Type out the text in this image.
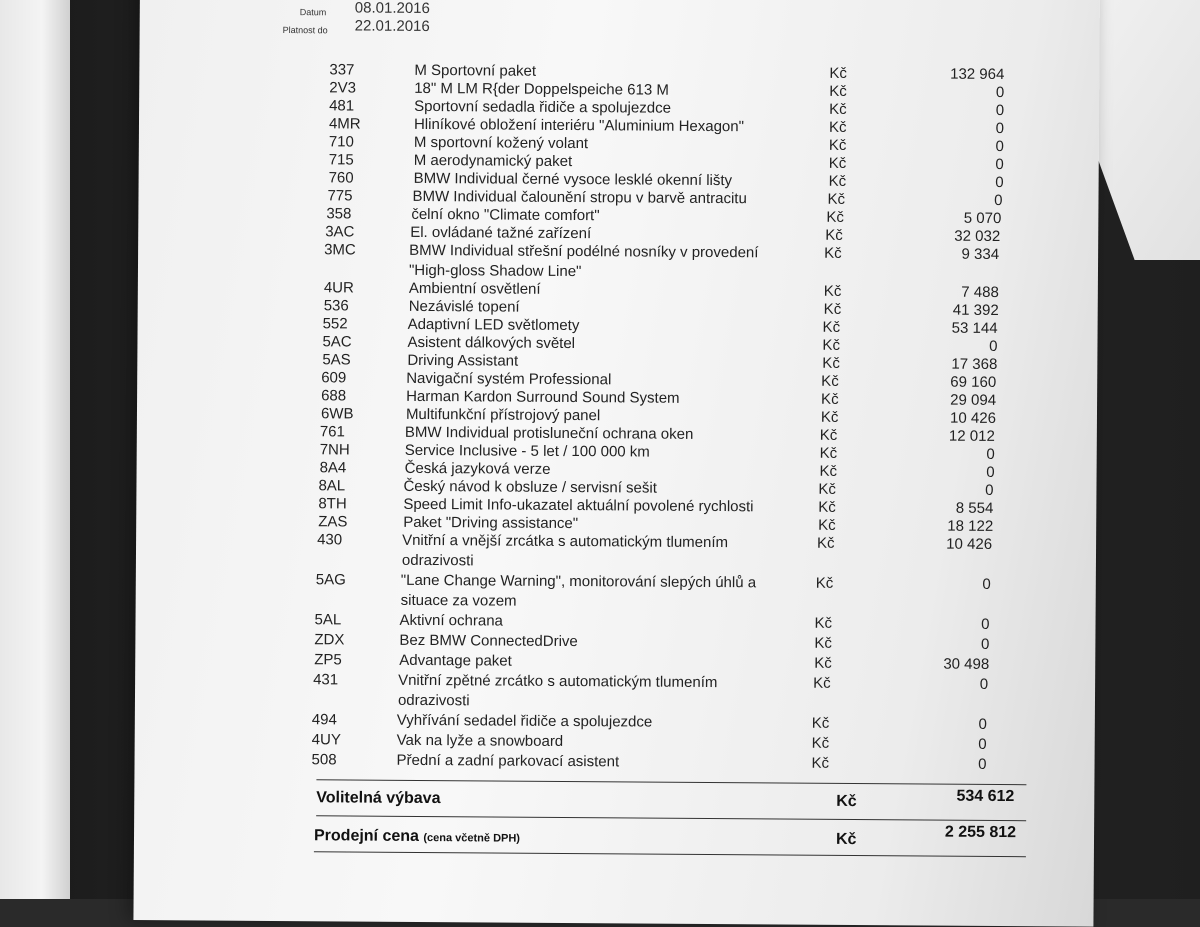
Datum 08.01.2016
Platnost do 22.01.2016
337	M Sportovní paket	Kč	132 964
2V3	18" M LM R{der Doppelspeiche 613 M	Kč	0
481	Sportovní sedadla řidiče a spolujezdce	Kč	0
4MR	Hliníkové obložení interiéru "Aluminium Hexagon"	Kč	0
710	M sportovní kožený volant	Kč	0
715	M aerodynamický paket	Kč	0
760	BMW Individual černé vysoce lesklé okenní lišty	Kč	0
775	BMW Individual čalounění stropu v barvě antracitu	Kč	0
358	čelní okno "Climate comfort"	Kč	5 070
3AC	El. ovládané tažné zařízení	Kč	32 032
3MC	BMW Individual střešní podélné nosníky v provedení	Kč	9 334
"High-gloss Shadow Line"
4UR	Ambientní osvětlení	Kč	7 488
536	Nezávislé topení	Kč	41 392
552	Adaptivní LED světlomety	Kč	53 144
5AC	Asistent dálkových světel	Kč	0
5AS	Driving Assistant	Kč	17 368
609	Navigační systém Professional	Kč	69 160
688	Harman Kardon Surround Sound System	Kč	29 094
6WB	Multifunkční přístrojový panel	Kč	10 426
761	BMW Individual protisluneční ochrana oken	Kč	12 012
7NH	Service Inclusive - 5 let / 100 000 km	Kč	0
8A4	Česká jazyková verze	Kč	0
8AL	Český návod k obsluze / servisní sešit	Kč	0
8TH	Speed Limit Info-ukazatel aktuální povolené rychlosti	Kč	8 554
ZAS	Paket "Driving assistance"	Kč	18 122
430	Vnitřní a vnější zrcátka s automatickým tlumením	Kč	10 426
odrazivosti
5AG	"Lane Change Warning", monitorování slepých úhlů a	Kč	0
situace za vozem
5AL	Aktivní ochrana	Kč	0
ZDX	Bez BMW ConnectedDrive	Kč	0
ZP5	Advantage paket	Kč	30 498
431	Vnitřní zpětné zrcátko s automatickým tlumením	Kč	0
odrazivosti
494	Vyhřívání sedadel řidiče a spolujezdce	Kč	0
4UY	Vak na lyže a snowboard	Kč	0
508	Přední a zadní parkovací asistent	Kč	0
Volitelná výbava	Kč	534 612
Prodejní cena (cena včetně DPH)	Kč	2 255 812
